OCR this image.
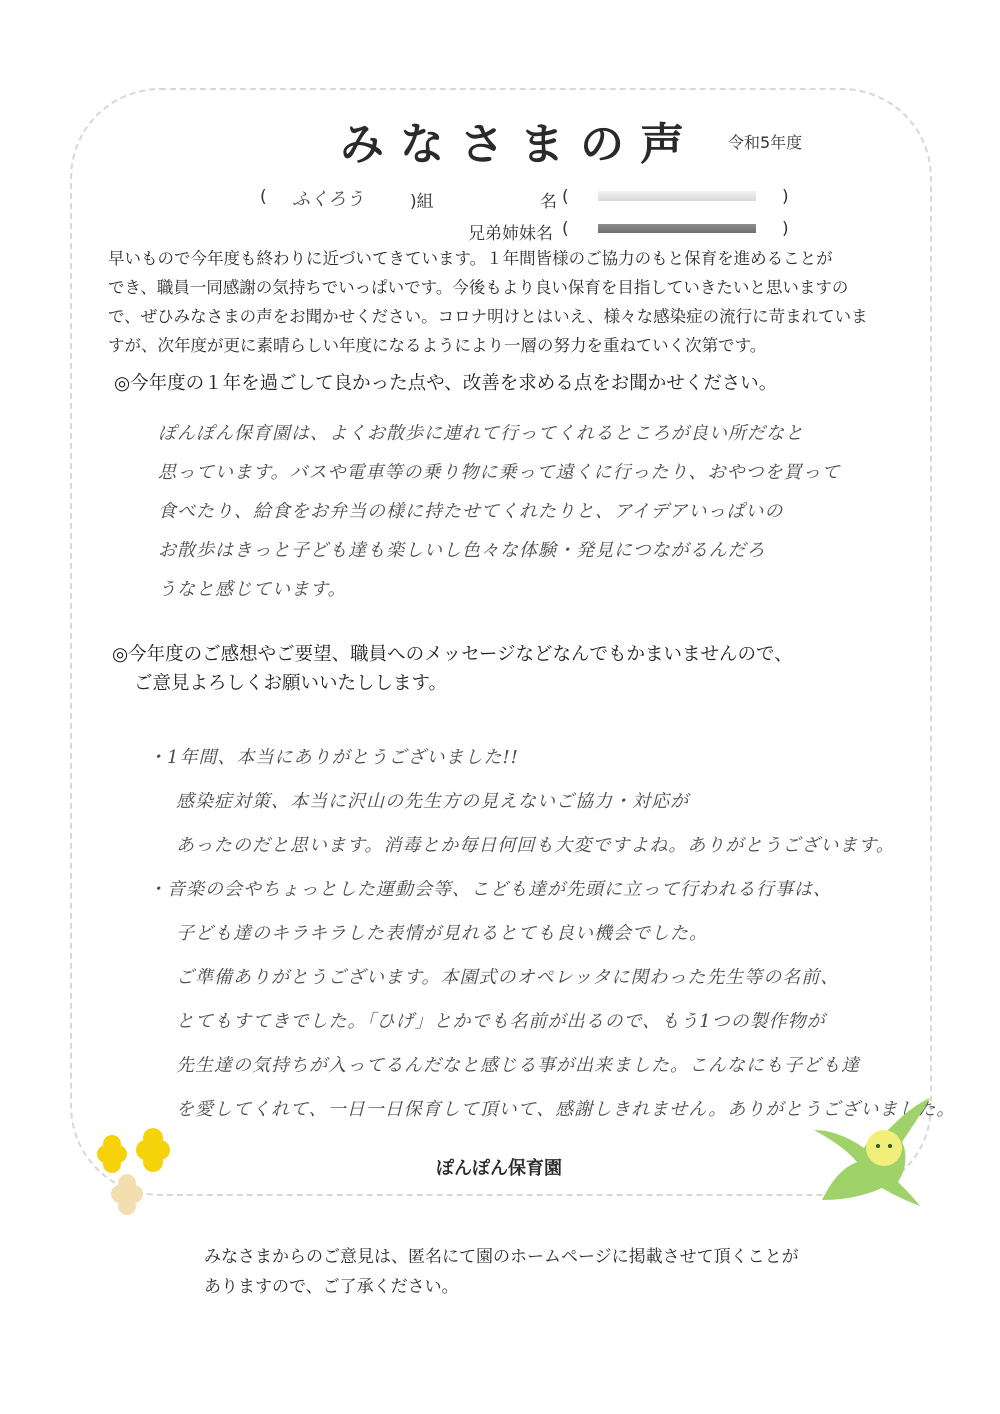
みなさまの声 令和5年度
( ふくろう	)組	名 (	)
兄弟姉妹名 (	)

早いもので今年度も終わりに近づいてきています。１年間皆様のご協力のもと保育を進めることが

でき、職員一同感謝の気持ちでいっぱいです。今後もより良い保育を目指していきたいと思いますの

で、ぜひみなさまの声をお聞かせください。コロナ明けとはいえ、様々な感染症の流行に苛まれていま

すが、次年度が更に素晴らしい年度になるようにより一層の努力を重ねていく次第です。

◎今年度の１年を過ごして良かった点や、改善を求める点をお聞かせください。

ぽんぽん保育園は、よくお散歩に連れて行ってくれるところが良い所だなと

思っています。バスや電車等の乗り物に乗って遠くに行ったり、おやつを買って

食べたり、給食をお弁当の様に持たせてくれたりと、アイデアいっぱいの

お散歩はきっと子ども達も楽しいし色々な体験・発見につながるんだろ

うなと感じています。

◎今年度のご感想やご要望、職員へのメッセージなどなんでもかまいませんので、
ご意見よろしくお願いいたしします。

・1年間、本当にありがとうございました!!

感染症対策、本当に沢山の先生方の見えないご協力・対応が

あったのだと思います。消毒とか毎日何回も大変ですよね。ありがとうございます。

・音楽の会やちょっとした運動会等、こども達が先頭に立って行われる行事は、

子ども達のキラキラした表情が見れるとても良い機会でした。

ご準備ありがとうございます。本園式のオペレッタに関わった先生等の名前、

とてもすてきでした。「ひげ」とかでも名前が出るので、もう1つの製作物が

先生達の気持ちが入ってるんだなと感じる事が出来ました。こんなにも子ども達

を愛してくれて、一日一日保育して頂いて、感謝しきれません。ありがとうございました。

ぽんぽん保育園

みなさまからのご意見は、匿名にて園のホームページに掲載させて頂くことが

ありますので、ご了承ください。
